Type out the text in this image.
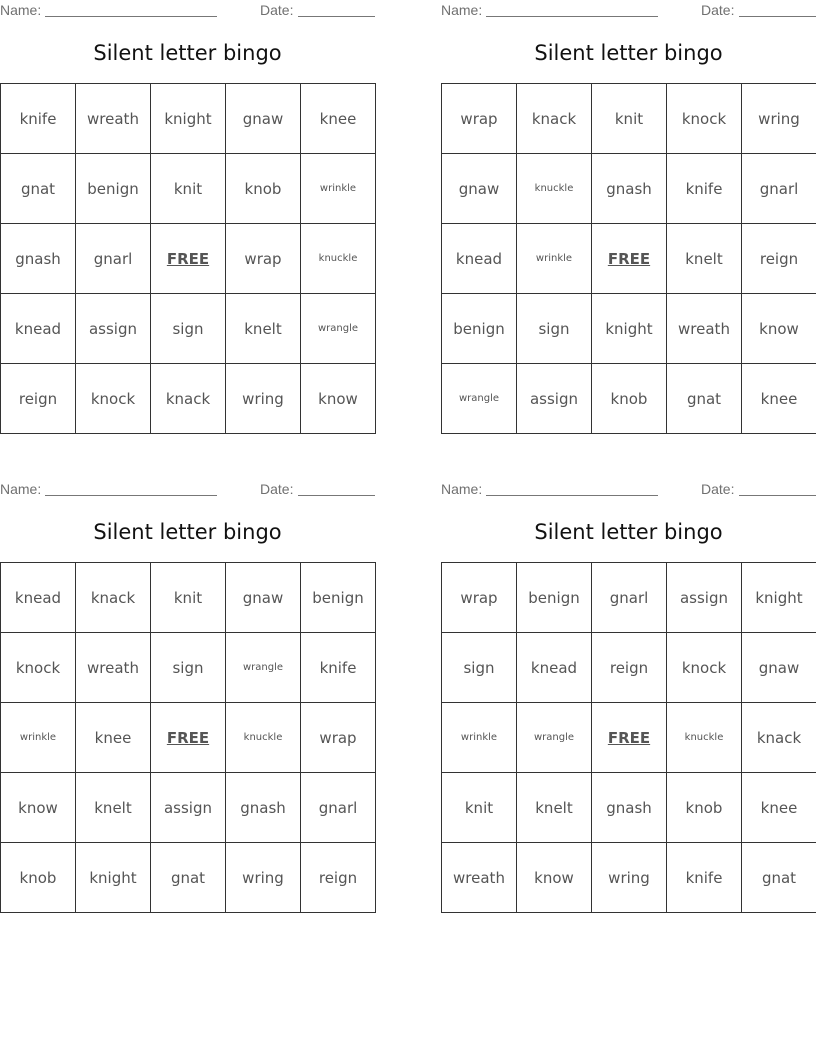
Name:	Date:
Silent letter bingo
knife	wreath	knight	gnaw	knee
gnat	benign	knit	knob	wrinkle
gnash	gnarl	FREE	wrap	knuckle
knead	assign	sign	knelt	wrangle
reign	knock	knack	wring	know
Name:	Date:
Silent letter bingo
wrap	knack	knit	knock	wring
gnaw	knuckle	gnash	knife	gnarl
knead	wrinkle	FREE	knelt	reign
benign	sign	knight	wreath	know
wrangle	assign	knob	gnat	knee
Name:	Date:
Silent letter bingo
knead	knack	knit	gnaw	benign
knock	wreath	sign	wrangle	knife
wrinkle	knee	FREE	knuckle	wrap
know	knelt	assign	gnash	gnarl
knob	knight	gnat	wring	reign
Name:	Date:
Silent letter bingo
wrap	benign	gnarl	assign	knight
sign	knead	reign	knock	gnaw
wrinkle	wrangle	FREE	knuckle	knack
knit	knelt	gnash	knob	knee
wreath	know	wring	knife	gnat
